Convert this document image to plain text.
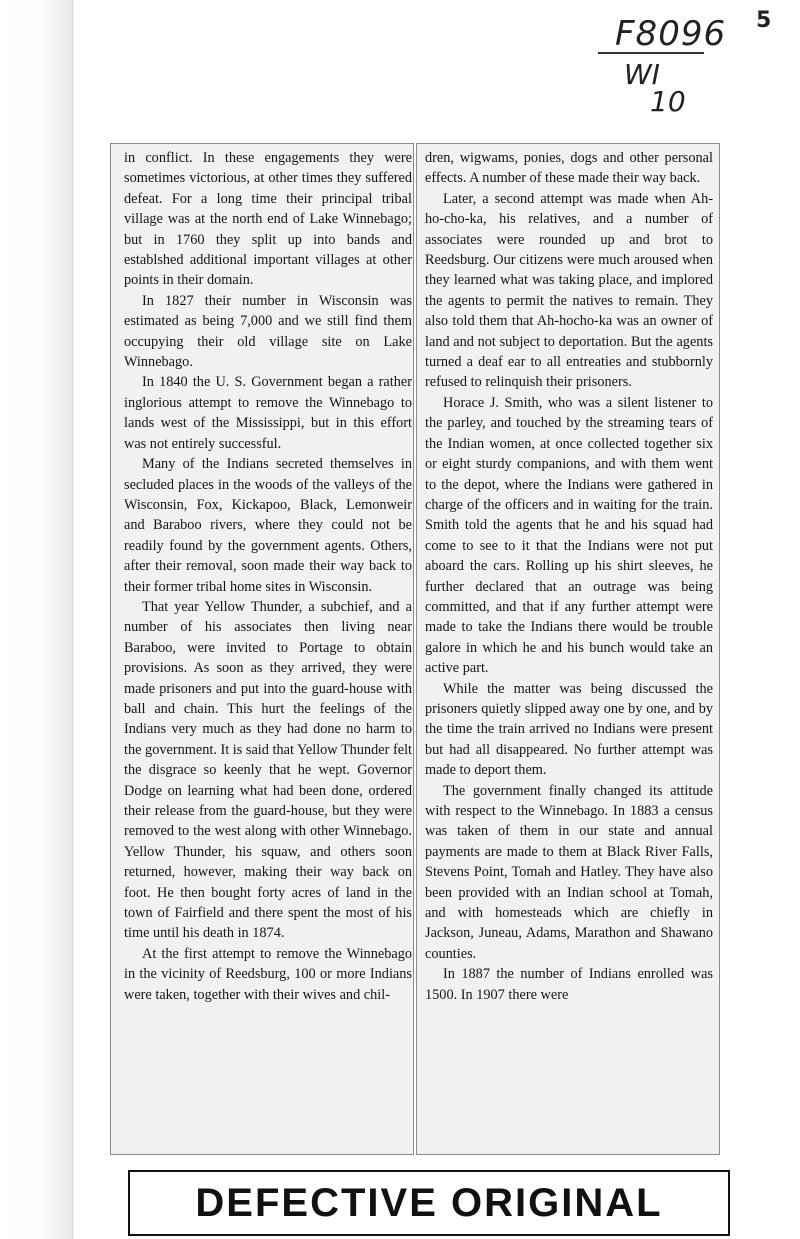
F8096
WI
10
5

in conflict. In these engagements they were sometimes victorious, at other times they suffered defeat. For a long time their principal tribal village was at the north end of Lake Winnebago; but in 1760 they split up into bands and establshed additional important villages at other points in their domain.

In 1827 their number in Wisconsin was estimated as being 7,000 and we still find them occupying their old village site on Lake Winnebago.

In 1840 the U. S. Government began a rather inglorious attempt to remove the Winnebago to lands west of the Mississippi, but in this effort was not entirely successful.

Many of the Indians secreted themselves in secluded places in the woods of the valleys of the Wisconsin, Fox, Kickapoo, Black, Lemonweir and Baraboo rivers, where they could not be readily found by the government agents. Others, after their removal, soon made their way back to their former tribal home sites in Wisconsin.

That year Yellow Thunder, a subchief, and a number of his associates then living near Baraboo, were invited to Portage to obtain provisions. As soon as they arrived, they were made prisoners and put into the guard-house with ball and chain. This hurt the feelings of the Indians very much as they had done no harm to the government. It is said that Yellow Thunder felt the disgrace so keenly that he wept. Governor Dodge on learning what had been done, ordered their release from the guard-house, but they were removed to the west along with other Winnebago. Yellow Thunder, his squaw, and others soon returned, however, making their way back on foot. He then bought forty acres of land in the town of Fairfield and there spent the most of his time until his death in 1874.

At the first attempt to remove the Winnebago in the vicinity of Reedsburg, 100 or more Indians were taken, together with their wives and chil-

dren, wigwams, ponies, dogs and other personal effects. A number of these made their way back.

Later, a second attempt was made when Ah-ho-cho-ka, his relatives, and a number of associates were rounded up and brot to Reedsburg. Our citizens were much aroused when they learned what was taking place, and implored the agents to permit the natives to remain. They also told them that Ah-hocho-ka was an owner of land and not subject to deportation. But the agents turned a deaf ear to all entreaties and stubbornly refused to relinquish their prisoners.

Horace J. Smith, who was a silent listener to the parley, and touched by the streaming tears of the Indian women, at once collected together six or eight sturdy companions, and with them went to the depot, where the Indians were gathered in charge of the officers and in waiting for the train. Smith told the agents that he and his squad had come to see to it that the Indians were not put aboard the cars. Rolling up his shirt sleeves, he further declared that an outrage was being committed, and that if any further attempt were made to take the Indians there would be trouble galore in which he and his bunch would take an active part.

While the matter was being discussed the prisoners quietly slipped away one by one, and by the time the train arrived no Indians were present but had all disappeared. No further attempt was made to deport them.

The government finally changed its attitude with respect to the Winnebago. In 1883 a census was taken of them in our state and annual payments are made to them at Black River Falls, Stevens Point, Tomah and Hatley. They have also been provided with an Indian school at Tomah, and with homesteads which are chiefly in Jackson, Juneau, Adams, Marathon and Shawano counties.

In 1887 the number of Indians enrolled was 1500. In 1907 there were

DEFECTIVE ORIGINAL
